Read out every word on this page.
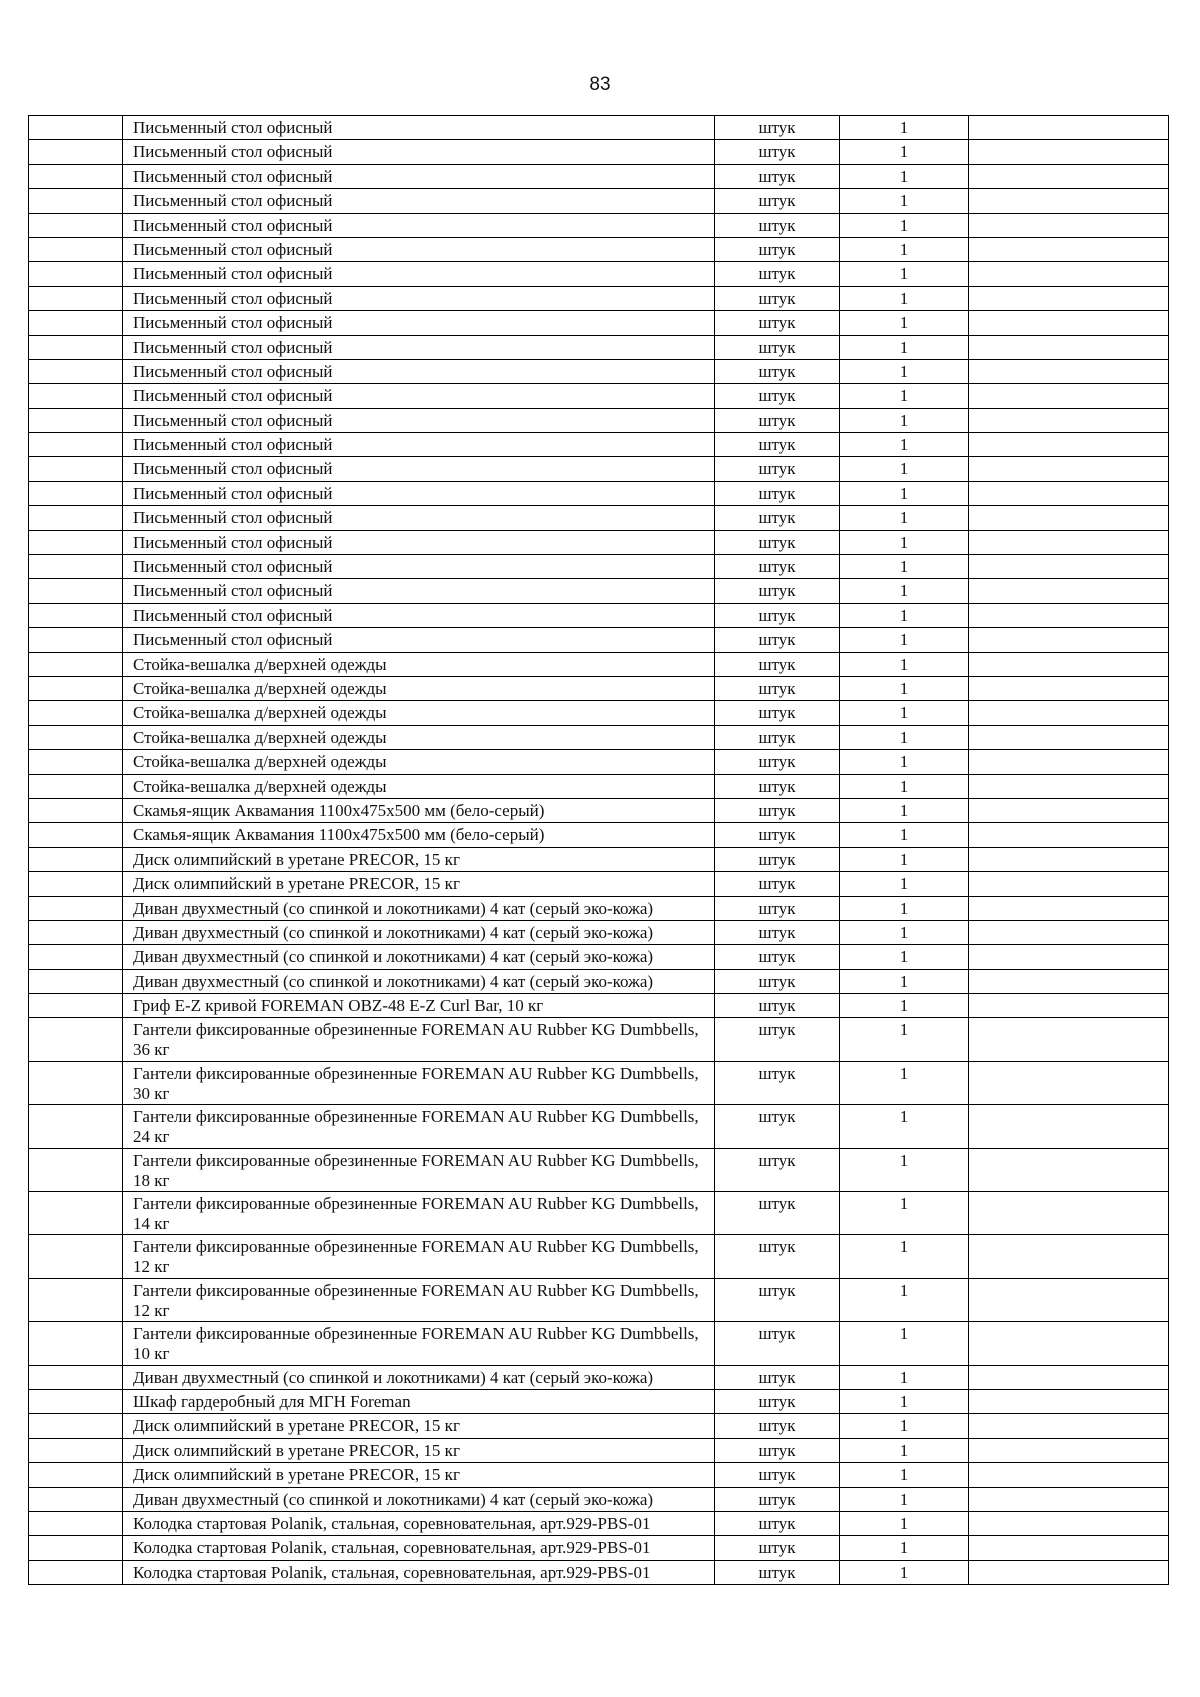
83
	Письменный стол офисный	штук	1	
	Письменный стол офисный	штук	1	
	Письменный стол офисный	штук	1	
	Письменный стол офисный	штук	1	
	Письменный стол офисный	штук	1	
	Письменный стол офисный	штук	1	
	Письменный стол офисный	штук	1	
	Письменный стол офисный	штук	1	
	Письменный стол офисный	штук	1	
	Письменный стол офисный	штук	1	
	Письменный стол офисный	штук	1	
	Письменный стол офисный	штук	1	
	Письменный стол офисный	штук	1	
	Письменный стол офисный	штук	1	
	Письменный стол офисный	штук	1	
	Письменный стол офисный	штук	1	
	Письменный стол офисный	штук	1	
	Письменный стол офисный	штук	1	
	Письменный стол офисный	штук	1	
	Письменный стол офисный	штук	1	
	Письменный стол офисный	штук	1	
	Письменный стол офисный	штук	1	
	Стойка-вешалка д/верхней одежды	штук	1	
	Стойка-вешалка д/верхней одежды	штук	1	
	Стойка-вешалка д/верхней одежды	штук	1	
	Стойка-вешалка д/верхней одежды	штук	1	
	Стойка-вешалка д/верхней одежды	штук	1	
	Стойка-вешалка д/верхней одежды	штук	1	
	Скамья-ящик Аквамания 1100x475x500 мм (бело-серый)	штук	1	
	Скамья-ящик Аквамания 1100x475x500 мм (бело-серый)	штук	1	
	Диск олимпийский в уретане PRECOR, 15 кг	штук	1	
	Диск олимпийский в уретане PRECOR, 15 кг	штук	1	
	Диван двухместный (со спинкой и локотниками) 4 кат (серый эко-кожа)	штук	1	
	Диван двухместный (со спинкой и локотниками) 4 кат (серый эко-кожа)	штук	1	
	Диван двухместный (со спинкой и локотниками) 4 кат (серый эко-кожа)	штук	1	
	Диван двухместный (со спинкой и локотниками) 4 кат (серый эко-кожа)	штук	1	
	Гриф E-Z кривой FOREMAN OBZ-48 E-Z Curl Bar, 10 кг	штук	1	
	Гантели фиксированные обрезиненные FOREMAN AU Rubber KG Dumbbells, 36 кг	штук	1	
	Гантели фиксированные обрезиненные FOREMAN AU Rubber KG Dumbbells, 30 кг	штук	1	
	Гантели фиксированные обрезиненные FOREMAN AU Rubber KG Dumbbells, 24 кг	штук	1	
	Гантели фиксированные обрезиненные FOREMAN AU Rubber KG Dumbbells, 18 кг	штук	1	
	Гантели фиксированные обрезиненные FOREMAN AU Rubber KG Dumbbells, 14 кг	штук	1	
	Гантели фиксированные обрезиненные FOREMAN AU Rubber KG Dumbbells, 12 кг	штук	1	
	Гантели фиксированные обрезиненные FOREMAN AU Rubber KG Dumbbells, 12 кг	штук	1	
	Гантели фиксированные обрезиненные FOREMAN AU Rubber KG Dumbbells, 10 кг	штук	1	
	Диван двухместный (со спинкой и локотниками) 4 кат (серый эко-кожа)	штук	1	
	Шкаф гардеробный для МГН Foreman	штук	1	
	Диск олимпийский в уретане PRECOR, 15 кг	штук	1	
	Диск олимпийский в уретане PRECOR, 15 кг	штук	1	
	Диск олимпийский в уретане PRECOR, 15 кг	штук	1	
	Диван двухместный (со спинкой и локотниками) 4 кат (серый эко-кожа)	штук	1	
	Колодка стартовая Polanik, стальная, соревновательная, арт.929-PBS-01	штук	1	
	Колодка стартовая Polanik, стальная, соревновательная, арт.929-PBS-01	штук	1	
	Колодка стартовая Polanik, стальная, соревновательная, арт.929-PBS-01	штук	1	
